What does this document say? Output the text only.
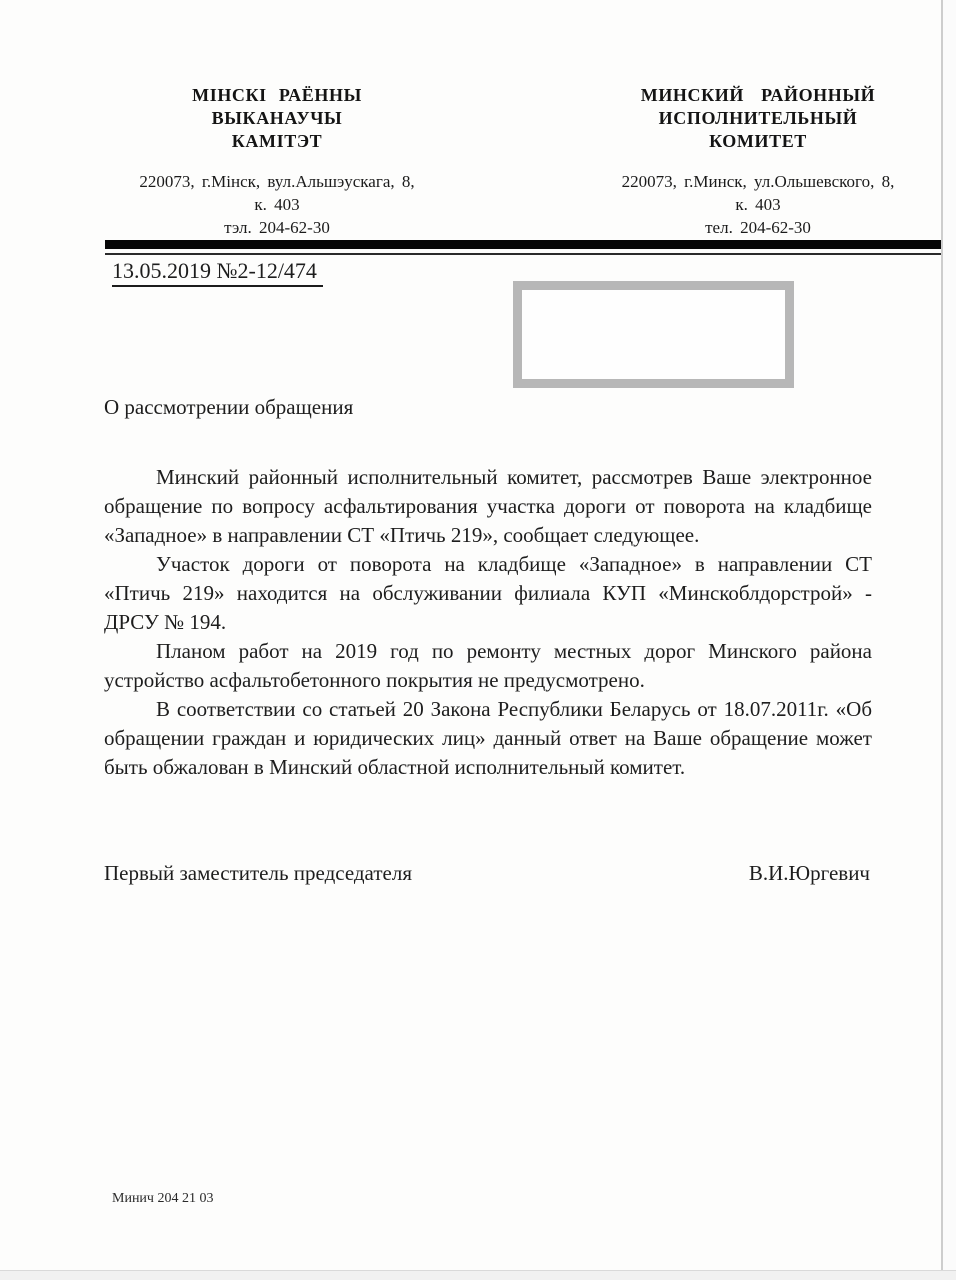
МІНСКІ РАЁННЫ
ВЫКАНАУЧЫ
КАМІТЭТ
220073, г.Мінск, вул.Альшэускага, 8,
к. 403
тэл. 204-62-30
МИНСКИЙ РАЙОННЫЙ
ИСПОЛНИТЕЛЬНЫЙ
КОМИТЕТ
220073, г.Минск, ул.Ольшевского, 8,
к. 403
тел. 204-62-30
13.05.2019 №2-12/474
О рассмотрении обращения

Минский районный исполнительный комитет, рассмотрев Ваше электронное обращение по вопросу асфальтирования участка дороги от поворота на кладбище «Западное» в направлении СТ «Птичь 219», сообщает следующее.

Участок дороги от поворота на кладбище «Западное» в направлении СТ «Птичь 219» находится на обслуживании филиала КУП «Минскоблдорстрой» - ДРСУ № 194.

Планом работ на 2019 год по ремонту местных дорог Минского района устройство асфальтобетонного покрытия не предусмотрено.

В соответствии со статьей 20 Закона Республики Беларусь от 18.07.2011г. «Об обращении граждан и юридических лиц» данный ответ на Ваше обращение может быть обжалован в Минский областной исполнительный комитет.

Первый заместитель председателя	В.И.Юргевич
Минич 204 21 03
